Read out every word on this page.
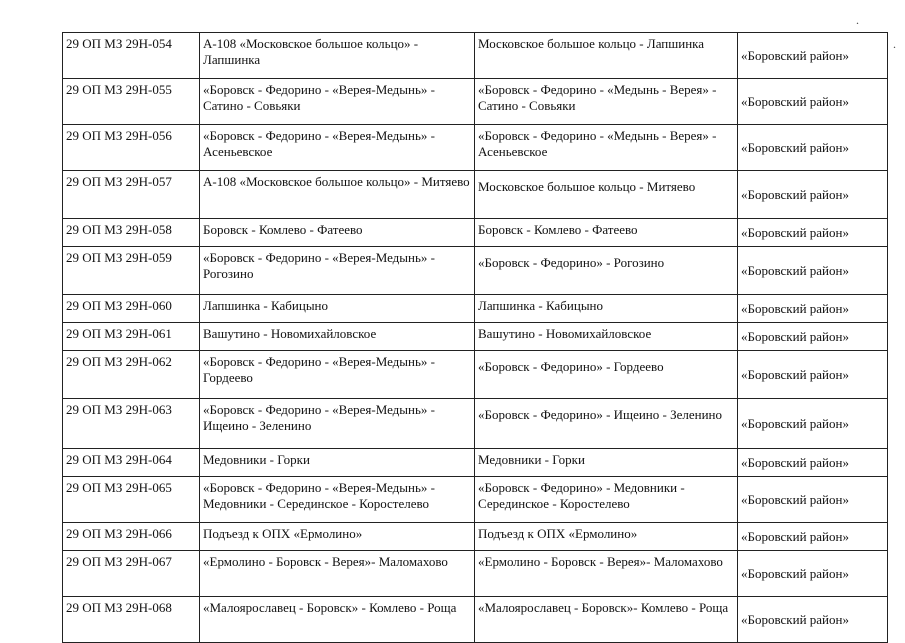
.
.
29 ОП МЗ 29Н-054	А-108 «Московское большое кольцо» - Лапшинка	Московское большое кольцо - Лапшинка	«Боровский район»
29 ОП МЗ 29Н-055	«Боровск - Федорино - «Верея-Медынь» - Сатино - Совьяки	«Боровск - Федорино - «Медынь - Верея» - Сатино - Совьяки	«Боровский район»
29 ОП МЗ 29Н-056	«Боровск - Федорино - «Верея-Медынь» - Асеньевское	«Боровск - Федорино - «Медынь - Верея» - Асеньевское	«Боровский район»
29 ОП МЗ 29Н-057	А-108 «Московское большое кольцо» - Митяево	Московское большое кольцо - Митяево	«Боровский район»
29 ОП МЗ 29Н-058	Боровск - Комлево - Фатеево	Боровск - Комлево - Фатеево	«Боровский район»
29 ОП МЗ 29Н-059	«Боровск - Федорино - «Верея-Медынь» - Рогозино	«Боровск - Федорино» - Рогозино	«Боровский район»
29 ОП МЗ 29Н-060	Лапшинка - Кабицыно	Лапшинка - Кабицыно	«Боровский район»
29 ОП МЗ 29Н-061	Вашутино - Новомихайловское	Вашутино - Новомихайловское	«Боровский район»
29 ОП МЗ 29Н-062	«Боровск - Федорино - «Верея-Медынь» - Гордеево	«Боровск - Федорино» - Гордеево	«Боровский район»
29 ОП МЗ 29Н-063	«Боровск - Федорино - «Верея-Медынь» - Ищеино - Зеленино	«Боровск - Федорино» - Ищеино - Зеленино	«Боровский район»
29 ОП МЗ 29Н-064	Медовники - Горки	Медовники - Горки	«Боровский район»
29 ОП МЗ 29Н-065	«Боровск - Федорино - «Верея-Медынь» - Медовники - Серединское - Коростелево	«Боровск - Федорино» - Медовники - Серединское - Коростелево	«Боровский район»
29 ОП МЗ 29Н-066	Подъезд к ОПХ «Ермолино»	Подъезд к ОПХ «Ермолино»	«Боровский район»
29 ОП МЗ 29Н-067	«Ермолино - Боровск - Верея»- Маломахово	«Ермолино - Боровск - Верея»- Маломахово	«Боровский район»
29 ОП МЗ 29Н-068	«Малоярославец - Боровск» - Комлево - Роща	«Малоярославец - Боровск»- Комлево - Роща	«Боровский район»
